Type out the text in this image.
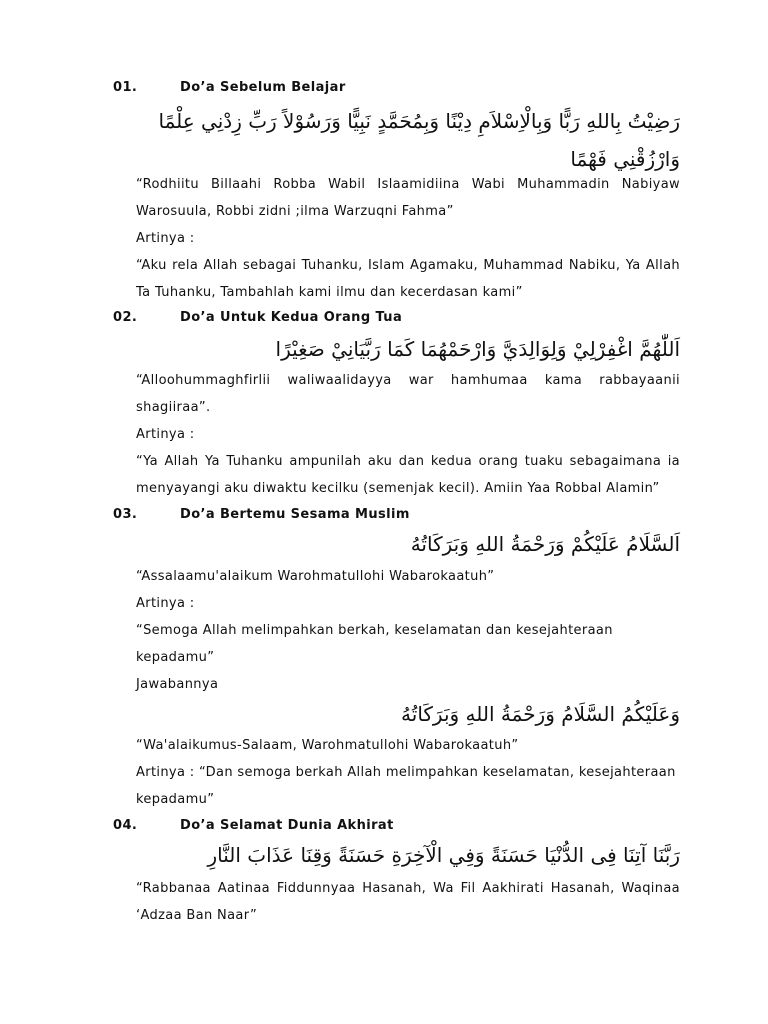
01.	Do’a Sebelum Belajar
رَضِيْتُ بِاللهِ رَبًّا وَبِالْاِسْلاَمِ دِيْنًا وَبِمُحَمَّدٍ نَبِيًّا وَرَسُوْلاً رَبِّ زِدْنِي عِلْمًا وَارْزُقْنِي فَهْمًا
“Rodhiitu Billaahi Robba Wabil Islaamidiina Wabi Muhammadin Nabiyaw Warosuula, Robbi zidni ;ilma Warzuqni Fahma”
Artinya :
“Aku rela Allah sebagai Tuhanku, Islam Agamaku, Muhammad Nabiku, Ya Allah Ta Tuhanku, Tambahlah kami ilmu dan kecerdasan kami”
02.	Do’a Untuk Kedua Orang Tua
اَللّٰهُمَّ اغْفِرْلِيْ وَلِوَالِدَيَّ وَارْحَمْهُمَا كَمَا رَبَّيَانِيْ صَغِيْرًا
“Alloohummaghfirlii waliwaalidayya war hamhumaa kama rabbayaanii shagiiraa”.
Artinya :
“Ya Allah Ya Tuhanku ampunilah aku dan kedua orang tuaku sebagaimana ia menyayangi aku diwaktu kecilku (semenjak kecil). Amiin Yaa Robbal Alamin”
03.	Do’a Bertemu Sesama Muslim
اَلسَّلَامُ عَلَيْكُمْ وَرَحْمَةُ اللهِ وَبَرَكَاتُهُ
“Assalaamu'alaikum Warohmatullohi Wabarokaatuh”
Artinya :
“Semoga Allah melimpahkan berkah, keselamatan dan kesejahteraan kepadamu”
Jawabannya
وَعَلَيْكُمُ السَّلَامُ وَرَحْمَةُ اللهِ وَبَرَكَاتُهُ
“Wa'alaikumus-Salaam, Warohmatullohi Wabarokaatuh”
Artinya : “Dan semoga berkah Allah melimpahkan keselamatan, kesejahteraan kepadamu”
04.	Do’a Selamat Dunia Akhirat
رَبَّنَا آتِنَا فِى الدُّنْيَا حَسَنَةً وَفِي الْآخِرَةِ حَسَنَةً وَقِنَا عَذَابَ النَّارِ
“Rabbanaa Aatinaa Fiddunnyaa Hasanah, Wa Fil Aakhirati Hasanah, Waqinaa ‘Adzaa Ban Naar”
